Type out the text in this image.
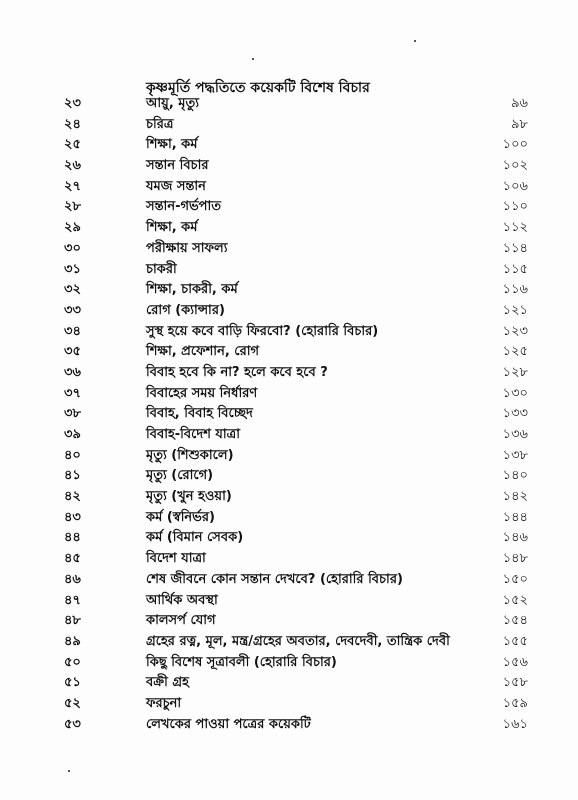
কৃষ্ণমূর্তি পদ্ধতিতে কয়েকটি বিশেষ বিচার
২৩	আয়ু, মৃত্যু	৯৬
২৪	চরিত্র	৯৮
২৫	শিক্ষা, কর্ম	১০০
২৬	সন্তান বিচার	১০২
২৭	যমজ সন্তান	১০৬
২৮	সন্তান-গর্ভপাত	১১০
২৯	শিক্ষা, কর্ম	১১২
৩০	পরীক্ষায় সাফল্য	১১৪
৩১	চাকরী	১১৫
৩২	শিক্ষা, চাকরী, কর্ম	১১৬
৩৩	রোগ (ক্যান্সার)	১২১
৩৪	সুস্থ হয়ে কবে বাড়ি ফিরবো? (হোরারি বিচার)	১২৩
৩৫	শিক্ষা, প্রফেশান, রোগ	১২৫
৩৬	বিবাহ হবে কি না? হলে কবে হবে ?	১২৮
৩৭	বিবাহের সময় নির্ধারণ	১৩০
৩৮	বিবাহ, বিবাহ বিচ্ছেদ	১৩৩
৩৯	বিবাহ-বিদেশ যাত্রা	১৩৬
৪০	মৃত্যু (শিশুকালে)	১৩৮
৪১	মৃত্যু (রোগে)	১৪০
৪২	মৃত্যু (খুন হওয়া)	১৪২
৪৩	কর্ম (স্বনির্ভর)	১৪৪
৪৪	কর্ম (বিমান সেবক)	১৪৬
৪৫	বিদেশ যাত্রা	১৪৮
৪৬	শেষ জীবনে কোন সন্তান দেখবে? (হোরারি বিচার)	১৫০
৪৭	আর্থিক অবস্থা	১৫২
৪৮	কালসর্প যোগ	১৫৪
৪৯	গ্রহের রত্ন, মূল, মন্ত্র/গ্রহের অবতার, দেবদেবী, তান্ত্রিক দেবী	১৫৫
৫০	কিছু বিশেষ সূত্রাবলী (হোরারি বিচার)	১৫৬
৫১	বক্রী গ্রহ	১৫৮
৫২	ফরচুনা	১৫৯
৫৩	লেখকের পাওয়া পত্রের কয়েকটি	১৬১
